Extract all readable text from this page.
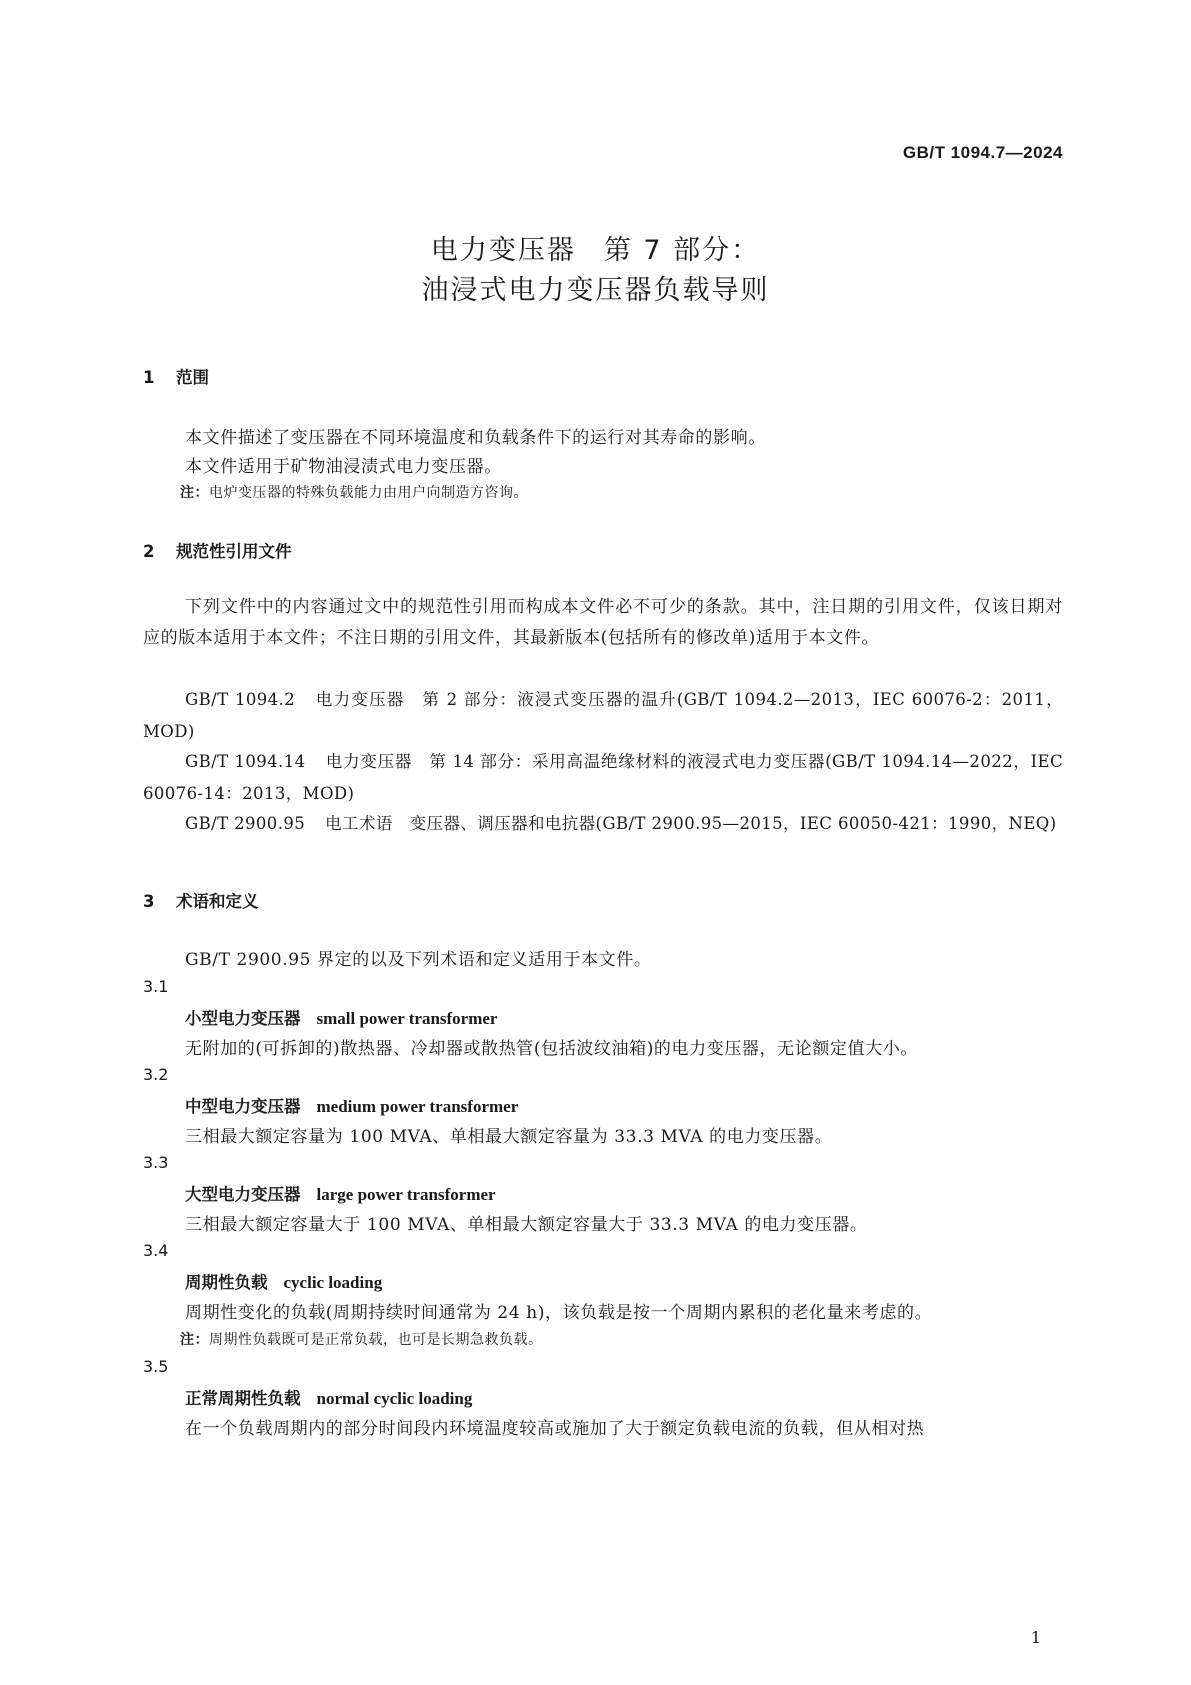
GB/T 1094.7—2024
电力变压器 第 7 部分：
油浸式电力变压器负载导则
1 范围
本文件描述了变压器在不同环境温度和负载条件下的运行对其寿命的影响。
本文件适用于矿物油浸渍式电力变压器。
注：电炉变压器的特殊负载能力由用户向制造方咨询。
2 规范性引用文件
下列文件中的内容通过文中的规范性引用而构成本文件必不可少的条款。其中，注日期的引用文件，仅该日期对应的版本适用于本文件；不注日期的引用文件，其最新版本(包括所有的修改单)适用于本文件。
GB/T 1094.2 电力变压器　第 2 部分：液浸式变压器的温升(GB/T 1094.2—2013，IEC 60076-2：2011，MOD)
GB/T 1094.14 电力变压器　第 14 部分：采用高温绝缘材料的液浸式电力变压器(GB/T 1094.14—2022，IEC 60076-14：2013，MOD)
GB/T 2900.95 电工术语　变压器、调压器和电抗器(GB/T 2900.95—2015，IEC 60050-421：1990，NEQ)
3 术语和定义
GB/T 2900.95 界定的以及下列术语和定义适用于本文件。
3.1
小型电力变压器 small power transformer
无附加的(可拆卸的)散热器、冷却器或散热管(包括波纹油箱)的电力变压器，无论额定值大小。
3.2
中型电力变压器 medium power transformer
三相最大额定容量为 100 MVA、单相最大额定容量为 33.3 MVA 的电力变压器。
3.3
大型电力变压器 large power transformer
三相最大额定容量大于 100 MVA、单相最大额定容量大于 33.3 MVA 的电力变压器。
3.4
周期性负载 cyclic loading
周期性变化的负载(周期持续时间通常为 24 h)，该负载是按一个周期内累积的老化量来考虑的。
注：周期性负载既可是正常负载，也可是长期急救负载。
3.5
正常周期性负载 normal cyclic loading
在一个负载周期内的部分时间段内环境温度较高或施加了大于额定负载电流的负载，但从相对热
1
